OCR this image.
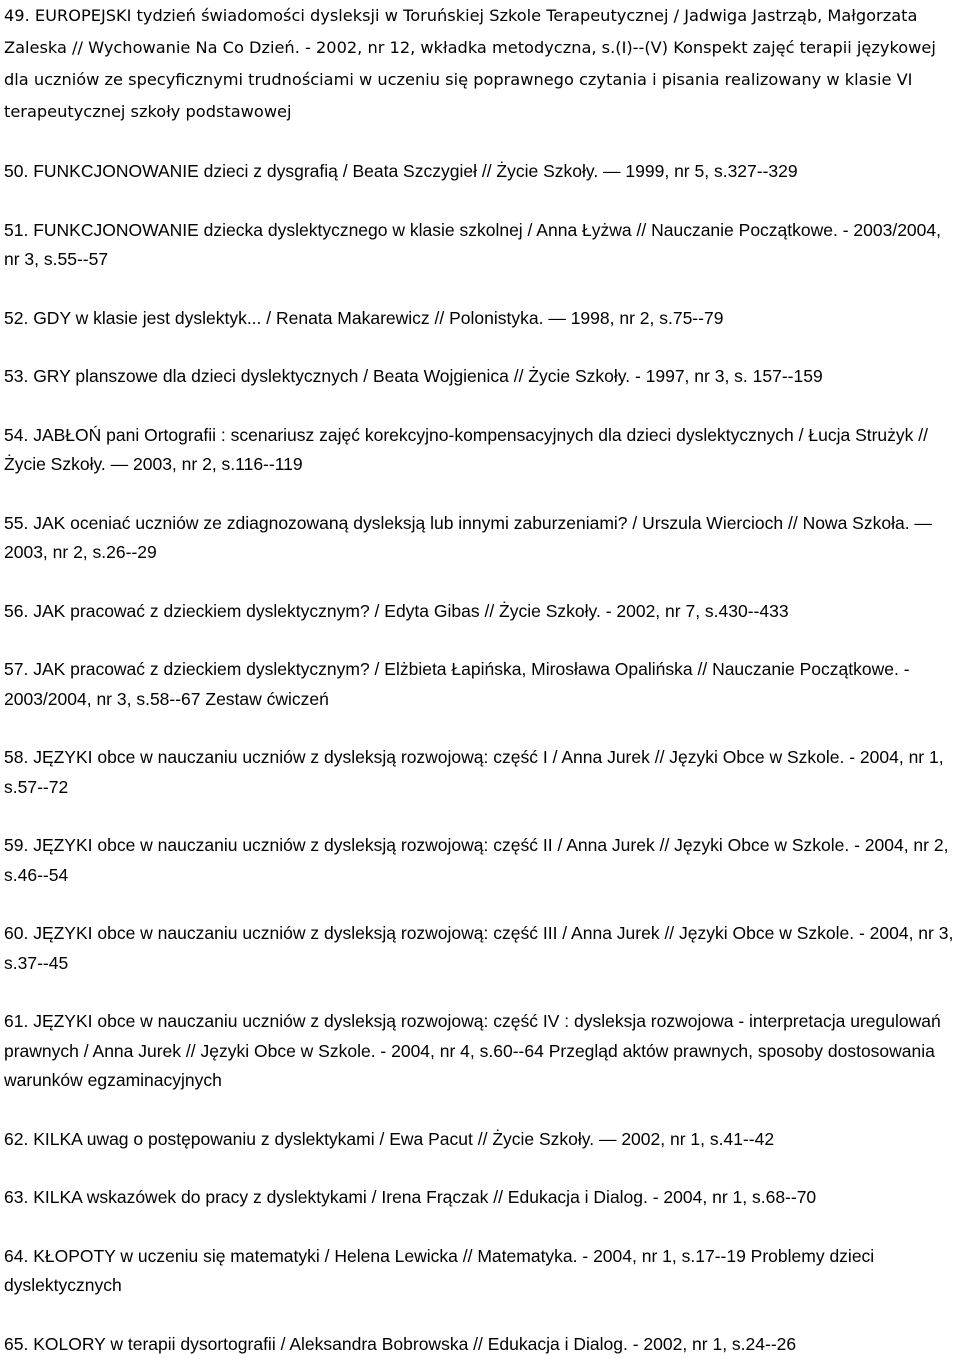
49. EUROPEJSKI tydzień świadomości dysleksji w Toruńskiej Szkole Terapeutycznej / Jadwiga Jastrząb, Małgorzata Zaleska // Wychowanie Na Co Dzień. - 2002, nr 12, wkładka metodyczna, s.(I)--(V) Konspekt zajęć terapii językowej dla uczniów ze specyficznymi trudnościami w uczeniu się poprawnego czytania i pisania realizowany w klasie VI terapeutycznej szkoły podstawowej

50. FUNKCJONOWANIE dzieci z dysgrafią / Beata Szczygieł // Życie Szkoły. — 1999, nr 5, s.327--329

51. FUNKCJONOWANIE dziecka dyslektycznego w klasie szkolnej / Anna Łyżwa // Nauczanie Początkowe. - 2003/2004, nr 3, s.55--57

52. GDY w klasie jest dyslektyk... / Renata Makarewicz // Polonistyka. — 1998, nr 2, s.75--79

53. GRY planszowe dla dzieci dyslektycznych / Beata Wojgienica // Życie Szkoły. - 1997, nr 3, s. 157--159

54. JABŁOŃ pani Ortografii : scenariusz zajęć korekcyjno-kompensacyjnych dla dzieci dyslektycznych / Łucja Strużyk // Życie Szkoły. — 2003, nr 2, s.116--119

55. JAK oceniać uczniów ze zdiagnozowaną dysleksją lub innymi zaburzeniami? / Urszula Wiercioch // Nowa Szkoła. — 2003, nr 2, s.26--29

56. JAK pracować z dzieckiem dyslektycznym? / Edyta Gibas // Życie Szkoły. - 2002, nr 7, s.430--433

57. JAK pracować z dzieckiem dyslektycznym? / Elżbieta Łapińska, Mirosława Opalińska // Nauczanie Początkowe. - 2003/2004, nr 3, s.58--67 Zestaw ćwiczeń

58. JĘZYKI obce w nauczaniu uczniów z dysleksją rozwojową: część I / Anna Jurek // Języki Obce w Szkole. - 2004, nr 1, s.57--72

59. JĘZYKI obce w nauczaniu uczniów z dysleksją rozwojową: część II / Anna Jurek // Języki Obce w Szkole. - 2004, nr 2, s.46--54

60. JĘZYKI obce w nauczaniu uczniów z dysleksją rozwojową: część III / Anna Jurek // Języki Obce w Szkole. - 2004, nr 3, s.37--45

61. JĘZYKI obce w nauczaniu uczniów z dysleksją rozwojową: część IV : dysleksja rozwojowa - interpretacja uregulowań prawnych / Anna Jurek // Języki Obce w Szkole. - 2004, nr 4, s.60--64 Przegląd aktów prawnych, sposoby dostosowania warunków egzaminacyjnych

62. KILKA uwag o postępowaniu z dyslektykami / Ewa Pacut // Życie Szkoły. — 2002, nr 1, s.41--42

63. KILKA wskazówek do pracy z dyslektykami / Irena Frączak // Edukacja i Dialog. - 2004, nr 1, s.68--70

64. KŁOPOTY w uczeniu się matematyki / Helena Lewicka // Matematyka. - 2004, nr 1, s.17--19 Problemy dzieci dyslektycznych

65. KOLORY w terapii dysortografii / Aleksandra Bobrowska // Edukacja i Dialog. - 2002, nr 1, s.24--26
